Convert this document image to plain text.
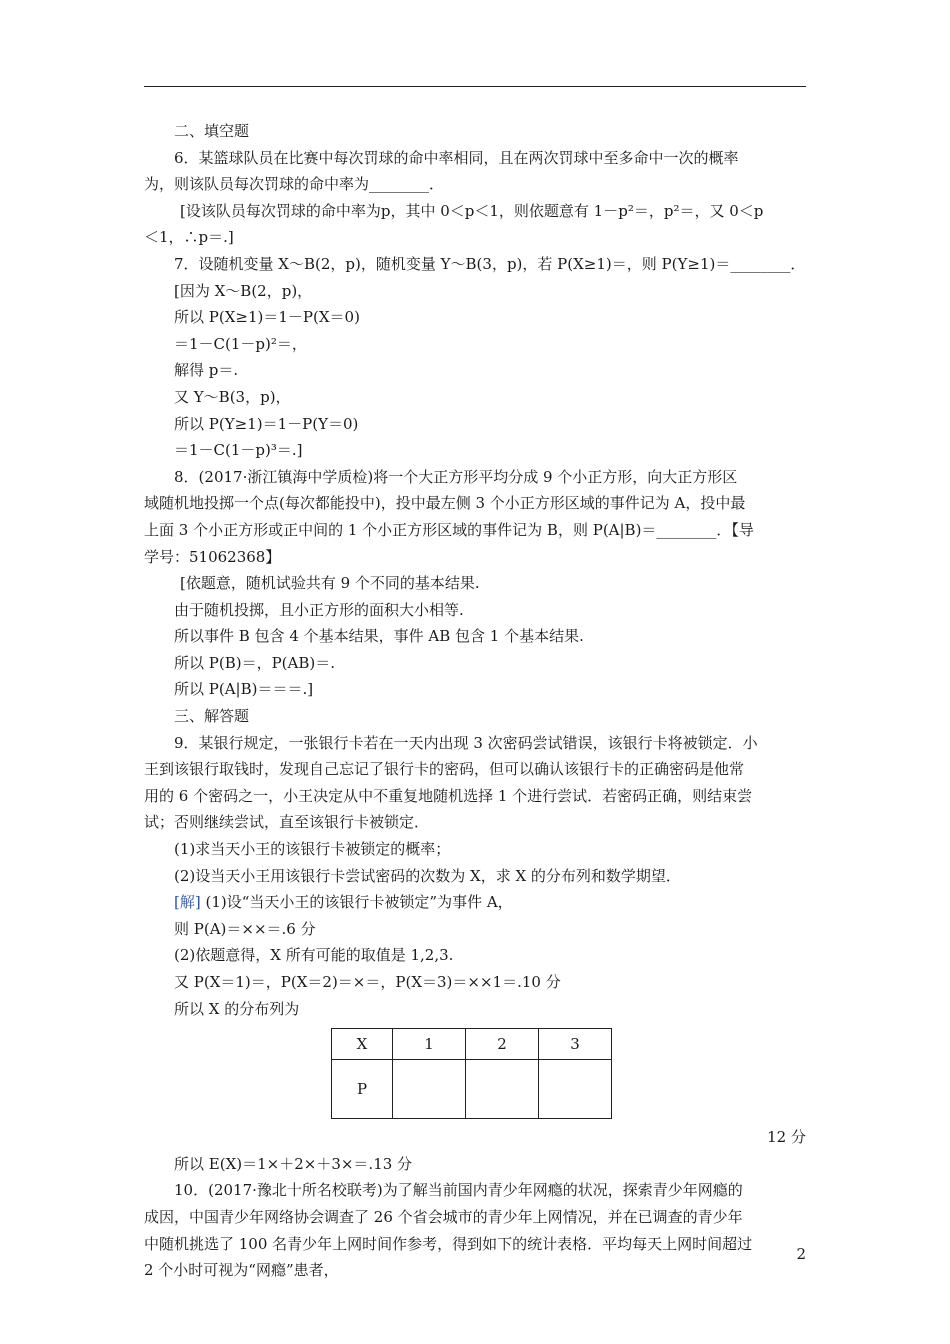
二、填空题
6．某篮球队员在比赛中每次罚球的命中率相同，且在两次罚球中至多命中一次的概率
为，则该队员每次罚球的命中率为________．
[设该队员每次罚球的命中率为p，其中 0＜p＜1，则依题意有 1－p²＝，p²＝，又 0＜p
＜1，∴p＝.]
7．设随机变量 X～B(2，p)，随机变量 Y～B(3，p)，若 P(X≥1)＝，则 P(Y≥1)＝________．
[因为 X～B(2，p)，
所以 P(X≥1)＝1－P(X＝0)
＝1－C(1－p)²＝，
解得 p＝.
又 Y～B(3，p)，
所以 P(Y≥1)＝1－P(Y＝0)
＝1－C(1－p)³＝.]
8．(2017·浙江镇海中学质检)将一个大正方形平均分成 9 个小正方形，向大正方形区
域随机地投掷一个点(每次都能投中)，投中最左侧 3 个小正方形区域的事件记为 A，投中最
上面 3 个小正方形或正中间的 1 个小正方形区域的事件记为 B，则 P(A|B)＝________．【导
学号：51062368】
[依题意，随机试验共有 9 个不同的基本结果.
由于随机投掷，且小正方形的面积大小相等.
所以事件 B 包含 4 个基本结果，事件 AB 包含 1 个基本结果.
所以 P(B)＝，P(AB)＝.
所以 P(A|B)＝＝＝.]
三、解答题
9．某银行规定，一张银行卡若在一天内出现 3 次密码尝试错误，该银行卡将被锁定．小
王到该银行取钱时，发现自己忘记了银行卡的密码，但可以确认该银行卡的正确密码是他常
用的 6 个密码之一，小王决定从中不重复地随机选择 1 个进行尝试．若密码正确，则结束尝
试；否则继续尝试，直至该银行卡被锁定．
(1)求当天小王的该银行卡被锁定的概率；
(2)设当天小王用该银行卡尝试密码的次数为 X，求 X 的分布列和数学期望．
[解] (1)设“当天小王的该银行卡被锁定”为事件 A，
则 P(A)＝××＝.6 分
(2)依题意得，X 所有可能的取值是 1,2,3.
又 P(X＝1)＝，P(X＝2)＝×＝，P(X＝3)＝××1＝.10 分
所以 X 的分布列为
X	1	2	3
P			
12 分
所以 E(X)＝1×＋2×＋3×＝.13 分
10．(2017·豫北十所名校联考)为了解当前国内青少年网瘾的状况，探索青少年网瘾的
成因，中国青少年网络协会调查了 26 个省会城市的青少年上网情况，并在已调查的青少年
中随机挑选了 100 名青少年上网时间作参考，得到如下的统计表格．平均每天上网时间超过
2 个小时可视为“网瘾”患者，
2
